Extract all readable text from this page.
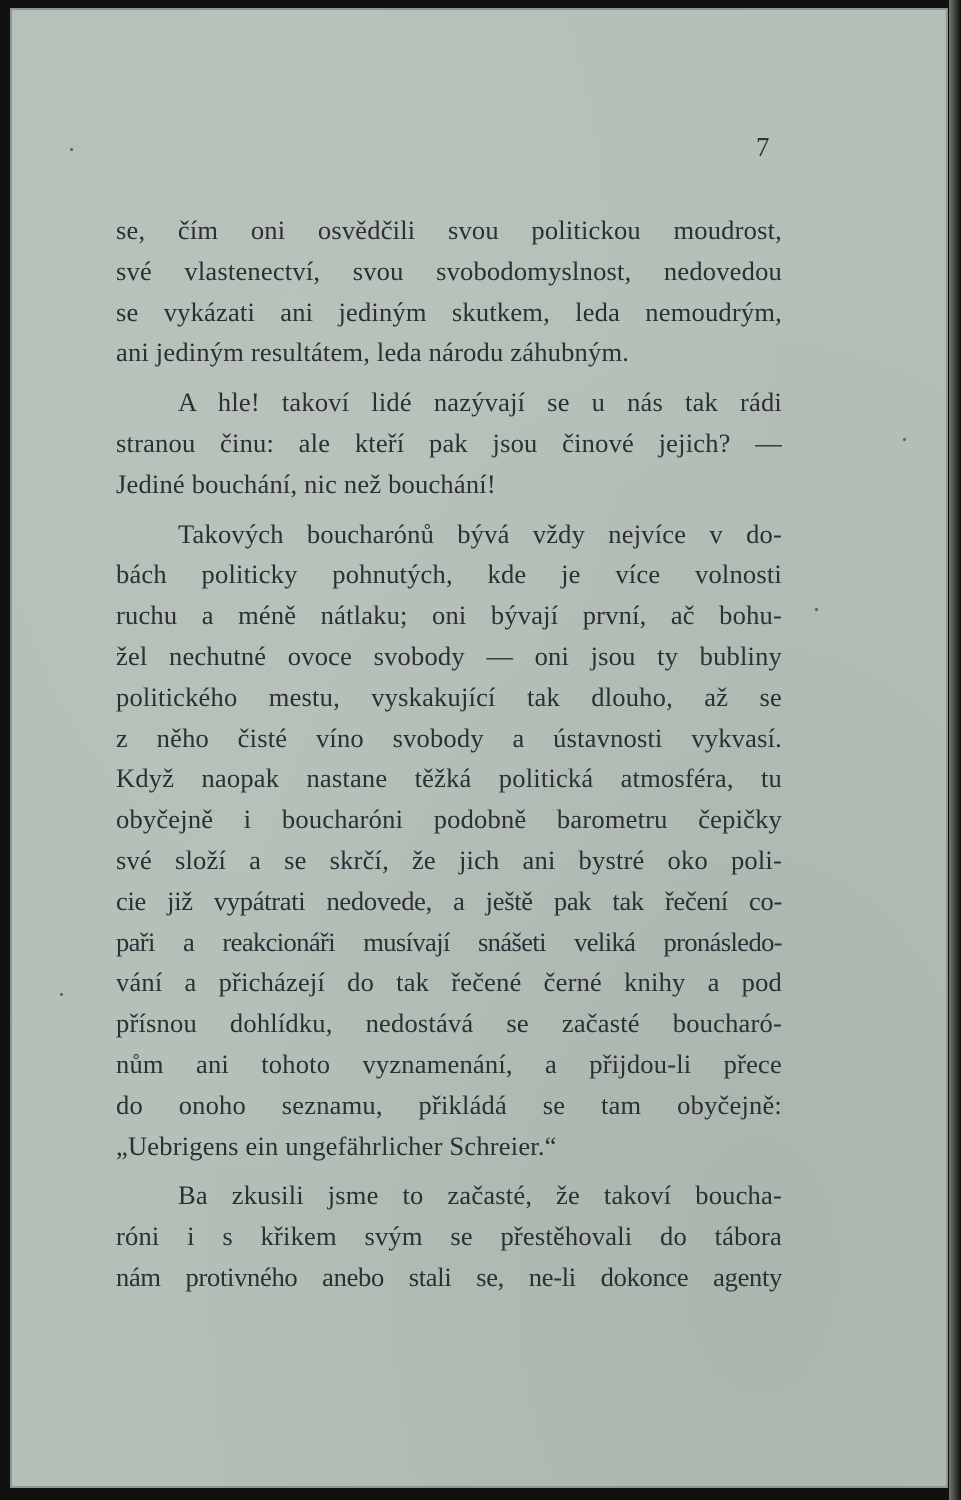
7
se, čím oni osvědčili svou politickou moudrost,
své vlastenectví, svou svobodomyslnost, nedovedou
se vykázati ani jediným skutkem, leda nemoudrým,
ani jediným resultátem, leda národu záhubným.
A hle! takoví lidé nazývají se u nás tak rádi
stranou činu: ale kteří pak jsou činové jejich? —
Jediné bouchání, nic než bouchání!
Takových boucharónů bývá vždy nejvíce v do-
bách politicky pohnutých, kde je více volnosti
ruchu a méně nátlaku; oni bývají první, ač bohu-
žel nechutné ovoce svobody — oni jsou ty bubliny
politického mestu, vyskakující tak dlouho, až se
z něho čisté víno svobody a ústavnosti vykvasí.
Když naopak nastane těžká politická atmosféra, tu
obyčejně i boucharóni podobně barometru čepičky
své složí a se skrčí, že jich ani bystré oko poli-
cie již vypátrati nedovede, a ještě pak tak řečení co-
paři a reakcionáři musívají snášeti veliká pronásledo-
vání a přicházejí do tak řečené černé knihy a pod
přísnou dohlídku, nedostává se začasté boucharó-
nům ani tohoto vyznamenání, a přijdou-li přece
do onoho seznamu, přikládá se tam obyčejně:
„Uebrigens ein ungefährlicher Schreier.“
Ba zkusili jsme to začasté, že takoví boucha-
róni i s křikem svým se přestěhovali do tábora
nám protivného anebo stali se, ne-li dokonce agenty
